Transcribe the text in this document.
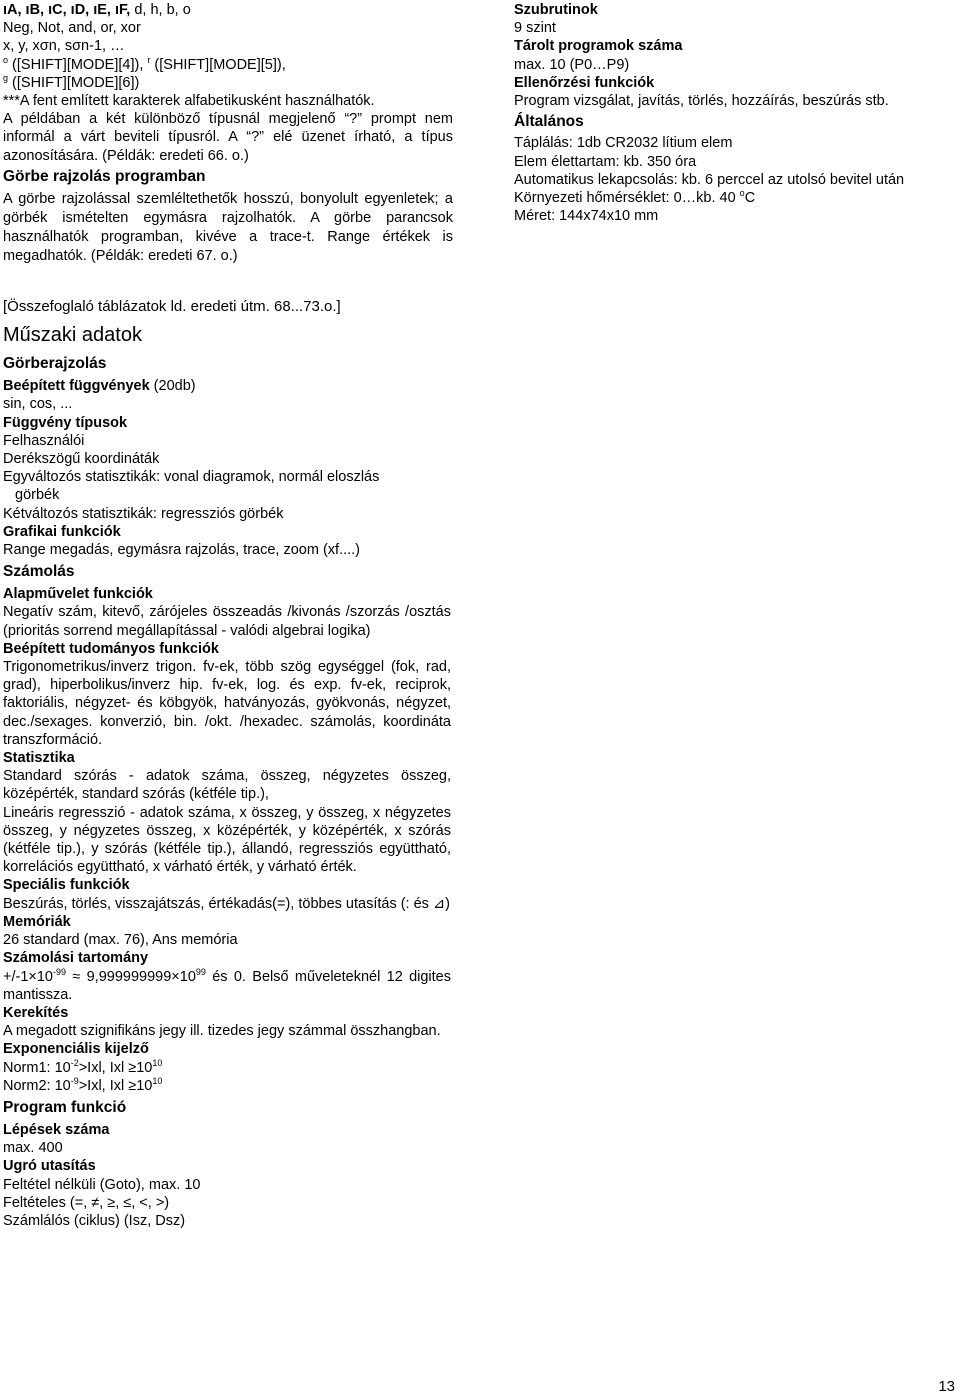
ıA, ıB, ıC, ıD, ıE, ıF, d, h, b, o
Neg, Not, and, or, xor
x, y, xσn, sσn-1, …
$^o$ ([SHIFT][MODE][4]), $^r$ ([SHIFT][MODE][5]),
$^g$ ([SHIFT][MODE][6])
***A fent említett karakterek alfabetikusként használhatók.
A példában a két különböző típusnál megjelenő “?” prompt nem informál a várt beviteli típusról. A “?” elé üzenet írható, a típus azonosítására. (Példák: eredeti 66. o.)
Görbe rajzolás programban
A görbe rajzolással szemléltethetők hosszú, bonyolult egyenletek; a görbék ismételten egymásra rajzolhatók. A görbe parancsok használhatók programban, kivéve a trace-t. Range értékek is megadhatók. (Példák: eredeti 67. o.)
Szubrutinok
9 szint
Tárolt programok száma
max. 10 (P0…P9)
Ellenőrzési funkciók
Program vizsgálat, javítás, törlés, hozzáírás, beszúrás stb.
Általános
Táplálás: 1db CR2032 lítium elem
Elem élettartam: kb. 350 óra
Automatikus lekapcsolás: kb. 6 perccel az utolsó bevitel után
Környezeti hőmérséklet: 0…kb. 40 $^o$C
Méret: 144x74x10 mm
[Összefoglaló táblázatok ld. eredeti útm. 68...73.o.]
Műszaki adatok
Görberajzolás
Beépített függvények (20db)
sin, cos, ...
Függvény típusok
Felhasználói
Derékszögű koordináták
Egyváltozós statisztikák: vonal diagramok, normál eloszlás
görbék
Kétváltozós statisztikák: regressziós görbék
Grafikai funkciók
Range megadás, egymásra rajzolás, trace, zoom (xf....)
Számolás
Alapművelet funkciók
Negatív szám, kitevő, zárójeles összeadás /kivonás /szorzás /osztás (prioritás sorrend megállapítással - valódi algebrai logika)
Beépített tudományos funkciók
Trigonometrikus/inverz trigon. fv-ek, több szög egységgel (fok, rad, grad), hiperbolikus/inverz hip. fv-ek, log. és exp. fv-ek, reciprok, faktoriális, négyzet- és köbgyök, hatványozás, gyökvonás, négyzet, dec./sexages. konverzió, bin. /okt. /hexadec. számolás, koordináta transzformáció.
Statisztika
Standard szórás - adatok száma, összeg, négyzetes összeg, középérték, standard szórás (kétféle tip.),
Lineáris regresszió - adatok száma, x összeg, y összeg, x négyzetes összeg, y négyzetes összeg, x középérték, y középérték, x szórás (kétféle tip.), y szórás (kétféle tip.), állandó, regressziós együttható, korrelációs együttható, x várható érték, y várható érték.
Speciális funkciók
Beszúrás, törlés, visszajátszás, értékadás(=), többes utasítás (: és ⊿)
Memóriák
26 standard (max. 76), Ans memória
Számolási tartomány
$+/-1\times 10^{-99} \approx 9,999999999\times 10^{99}$ és 0. Belső műveleteknél 12 digites mantissza.
Kerekítés
A megadott szignifikáns jegy ill. tizedes jegy számmal összhangban.
Exponenciális kijelző
Norm1: $10^{-2}>Ixl$, Ixl $\ge 10^{10}$
Norm2: $10^{-9}>Ixl$, Ixl $\ge 10^{10}$
Program funkció
Lépések száma
max. 400
Ugró utasítás
Feltétel nélküli (Goto), max. 10
Feltételes (=, ≠, ≥, ≤, <, >)
Számlálós (ciklus) (Isz, Dsz)
13
